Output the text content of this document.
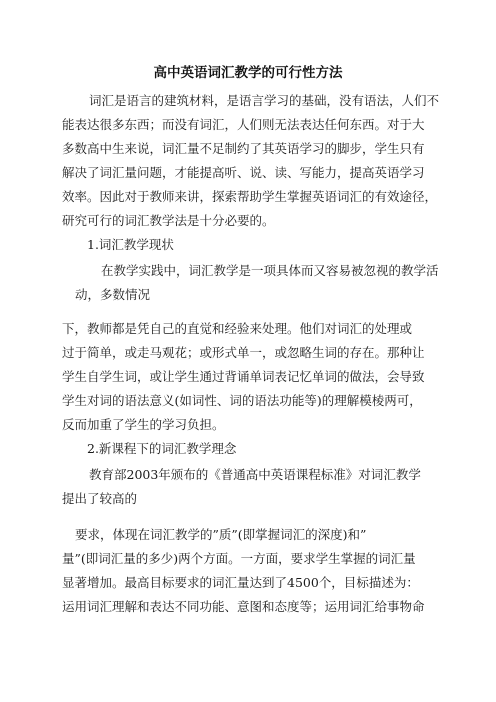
高中英语词汇教学的可行性方法
词汇是语言的建筑材料，是语言学习的基础，没有语法，人们不
能表达很多东西；而没有词汇，人们则无法表达任何东西。对于大
多数高中生来说，词汇量不足制约了其英语学习的脚步，学生只有
解决了词汇量问题，才能提高听、说、读、写能力，提高英语学习
效率。因此对于教师来讲，探索帮助学生掌握英语词汇的有效途径，
研究可行的词汇教学法是十分必要的。
1.词汇教学现状
在教学实践中，词汇教学是一项具体而又容易被忽视的教学活
动，多数情况
下，教师都是凭自己的直觉和经验来处理。他们对词汇的处理或
过于简单，或走马观花；或形式单一，或忽略生词的存在。那种让
学生自学生词，或让学生通过背诵单词表记忆单词的做法，会导致
学生对词的语法意义(如词性、词的语法功能等)的理解模棱两可，
反而加重了学生的学习负担。
2.新课程下的词汇教学理念
教育部2003年颁布的《普通高中英语课程标准》对词汇教学
提出了较高的
要求，体现在词汇教学的”质”(即掌握词汇的深度)和”
量”(即词汇量的多少)两个方面。一方面，要求学生掌握的词汇量
显著增加。最高目标要求的词汇量达到了4500个，目标描述为：
运用词汇理解和表达不同功能、意图和态度等；运用词汇给事物命
